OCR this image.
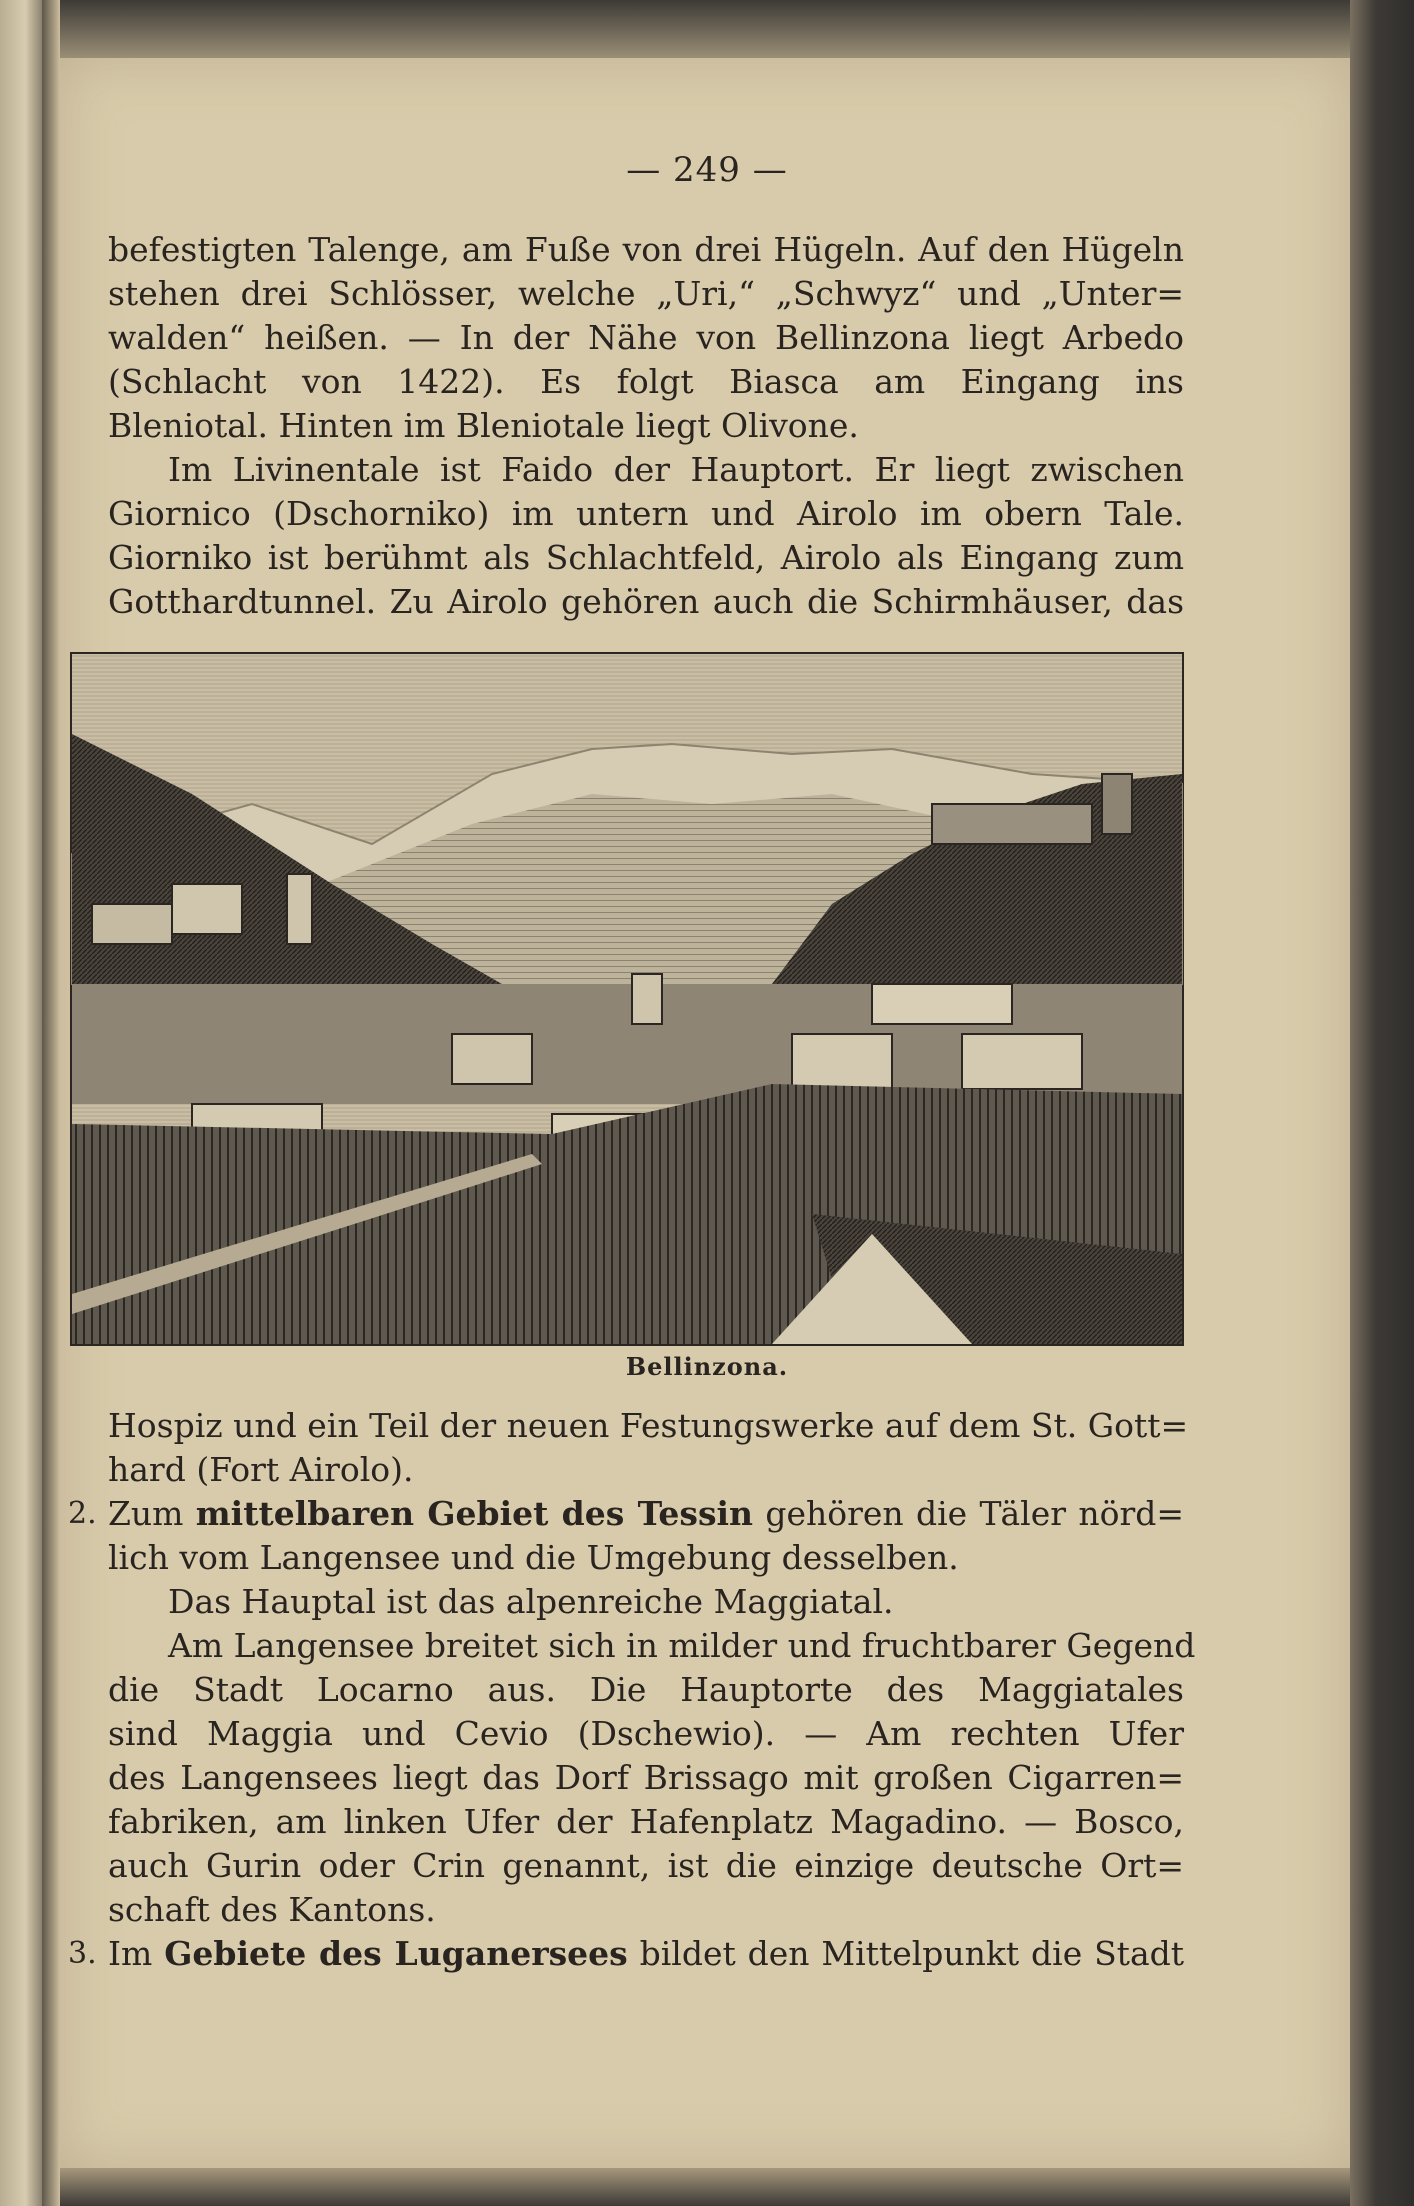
— 249 —
befestigten Talenge, am Fuße von drei Hügeln. Auf den Hügeln
stehen drei Schlösser, welche „Uri,“ „Schwyz“ und „Unter=
walden“ heißen. — In der Nähe von Bellinzona liegt Arbedo
(Schlacht von 1422). Es folgt Biasca am Eingang ins
Bleniotal. Hinten im Bleniotale liegt Olivone.
Im Livinentale ist Faido der Hauptort. Er liegt zwischen
Giornico (Dschorniko) im untern und Airolo im obern Tale.
Giorniko ist berühmt als Schlachtfeld, Airolo als Eingang zum
Gotthardtunnel. Zu Airolo gehören auch die Schirmhäuser, das
Bellinzona.
Hospiz und ein Teil der neuen Festungswerke auf dem St. Gott=
hard (Fort Airolo).
2. Zum mittelbaren Gebiet des Tessin gehören die Täler nörd=
lich vom Langensee und die Umgebung desselben.
Das Hauptal ist das alpenreiche Maggiatal.
Am Langensee breitet sich in milder und fruchtbarer Gegend
die Stadt Locarno aus. Die Hauptorte des Maggiatales
sind Maggia und Cevio (Dschewio). — Am rechten Ufer
des Langensees liegt das Dorf Brissago mit großen Cigarren=
fabriken, am linken Ufer der Hafenplatz Magadino. — Bosco,
auch Gurin oder Crin genannt, ist die einzige deutsche Ort=
schaft des Kantons.
3. Im Gebiete des Luganersees bildet den Mittelpunkt die Stadt
